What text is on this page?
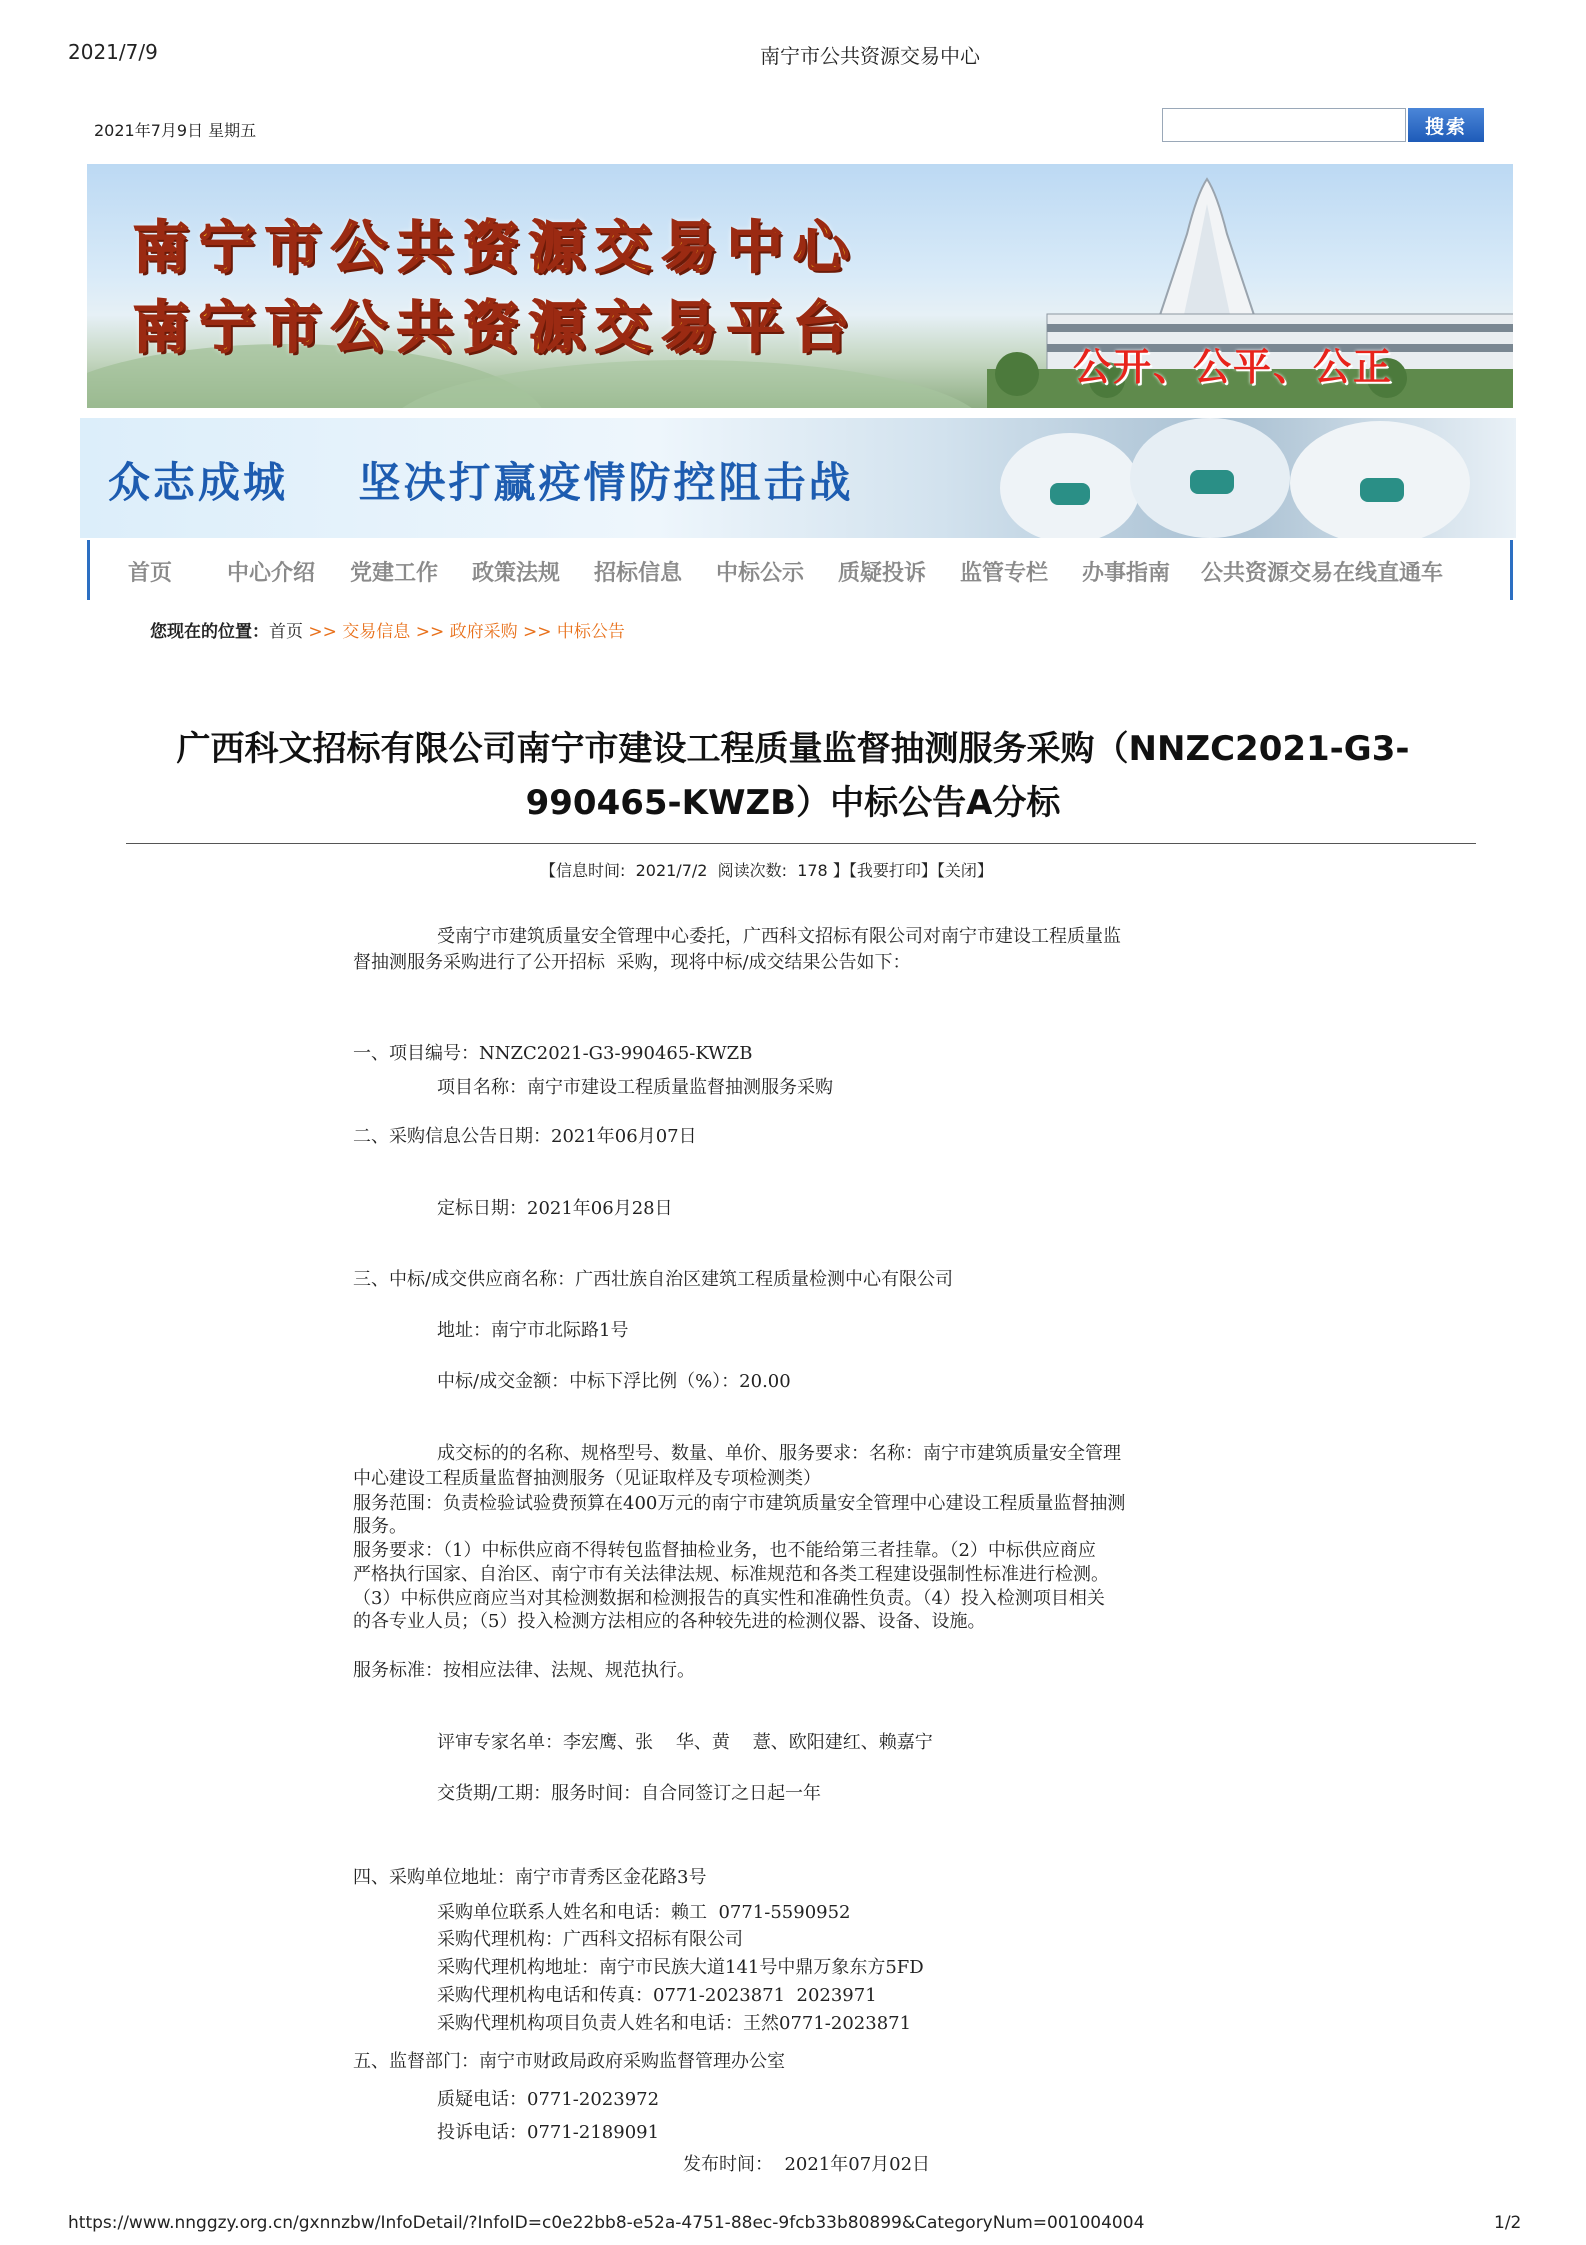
2021/7/9	南宁市公共资源交易中心
2021年7月9日 星期五	搜索
南宁市公共资源交易中心
南宁市公共资源交易平台
公开、公平、公正
众志成城    坚决打赢疫情防控阻击战
首页 中心介绍 党建工作 政策法规 招标信息 中标公示 质疑投诉 监管专栏 办事指南 公共资源交易在线直通车
您现在的位置：首页 >> 交易信息 >> 政府采购 >> 中标公告
广西科文招标有限公司南宁市建设工程质量监督抽测服务采购（NNZC2021-G3-
990465-KWZB）中标公告A分标
【信息时间: 2021/7/2 阅读次数: 178 】【我要打印】【关闭】
受南宁市建筑质量安全管理中心委托，广西科文招标有限公司对南宁市建设工程质量监
督抽测服务采购进行了公开招标  采购，现将中标/成交结果公告如下：
一、项目编号：NNZC2021-G3-990465-KWZB
项目名称：南宁市建设工程质量监督抽测服务采购
二、采购信息公告日期：2021年06月07日
定标日期：2021年06月28日
三、中标/成交供应商名称：广西壮族自治区建筑工程质量检测中心有限公司
地址：南宁市北际路1号
中标/成交金额：中标下浮比例（%）：20.00
成交标的的名称、规格型号、数量、单价、服务要求：名称：南宁市建筑质量安全管理
中心建设工程质量监督抽测服务（见证取样及专项检测类）
服务范围：负责检验试验费预算在400万元的南宁市建筑质量安全管理中心建设工程质量监督抽测
服务。
服务要求：（1）中标供应商不得转包监督抽检业务，也不能给第三者挂靠。（2）中标供应商应
严格执行国家、自治区、南宁市有关法律法规、标准规范和各类工程建设强制性标准进行检测。
（3）中标供应商应当对其检测数据和检测报告的真实性和准确性负责。（4）投入检测项目相关
的各专业人员；（5）投入检测方法相应的各种较先进的检测仪器、设备、设施。
服务标准：按相应法律、法规、规范执行。
评审专家名单：李宏鹰、张    华、黄    薏、欧阳建红、赖嘉宁
交货期/工期：服务时间：自合同签订之日起一年
四、采购单位地址：南宁市青秀区金花路3号
采购单位联系人姓名和电话：赖工  0771-5590952
采购代理机构：广西科文招标有限公司
采购代理机构地址：南宁市民族大道141号中鼎万象东方5FD
采购代理机构电话和传真：0771-2023871  2023971
采购代理机构项目负责人姓名和电话：王然0771-2023871
五、监督部门：南宁市财政局政府采购监督管理办公室
质疑电话：0771-2023972
投诉电话：0771-2189091
发布时间：  2021年07月02日
https://www.nnggzy.org.cn/gxnnzbw/InfoDetail/?InfoID=c0e22bb8-e52a-4751-88ec-9fcb33b80899&CategoryNum=001004004	1/2
